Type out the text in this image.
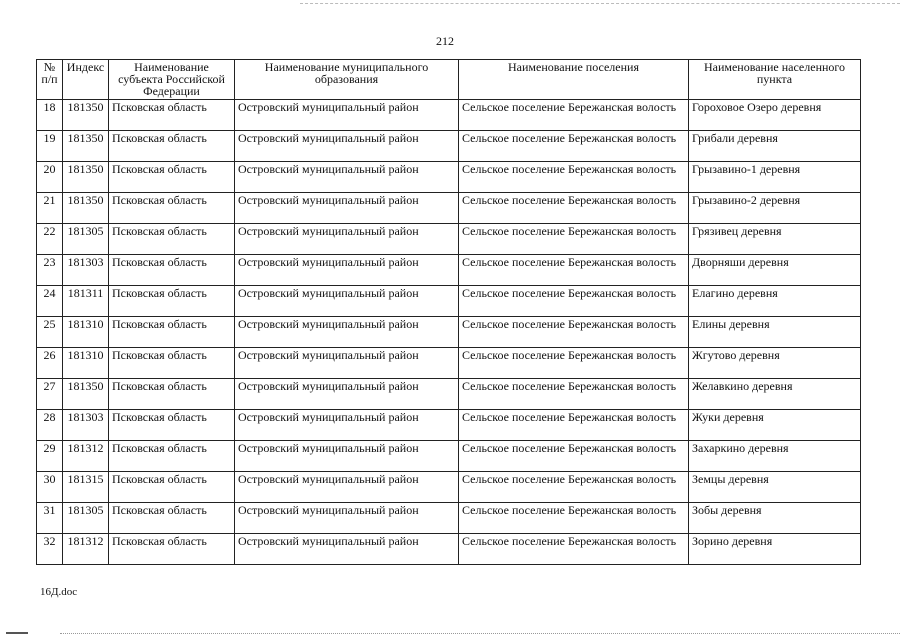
212
№ п/п	Индекс	Наименование субъекта Российской Федерации	Наименование муниципального образования	Наименование поселения	Наименование населенного пункта
18	181350	Псковская область	Островский муниципальный район	Сельское поселение Бережанская волость	Гороховое Озеро деревня
19	181350	Псковская область	Островский муниципальный район	Сельское поселение Бережанская волость	Грибали деревня
20	181350	Псковская область	Островский муниципальный район	Сельское поселение Бережанская волость	Грызавино-1 деревня
21	181350	Псковская область	Островский муниципальный район	Сельское поселение Бережанская волость	Грызавино-2 деревня
22	181305	Псковская область	Островский муниципальный район	Сельское поселение Бережанская волость	Грязивец деревня
23	181303	Псковская область	Островский муниципальный район	Сельское поселение Бережанская волость	Дворняши деревня
24	181311	Псковская область	Островский муниципальный район	Сельское поселение Бережанская волость	Елагино деревня
25	181310	Псковская область	Островский муниципальный район	Сельское поселение Бережанская волость	Елины деревня
26	181310	Псковская область	Островский муниципальный район	Сельское поселение Бережанская волость	Жгутово деревня
27	181350	Псковская область	Островский муниципальный район	Сельское поселение Бережанская волость	Желавкино деревня
28	181303	Псковская область	Островский муниципальный район	Сельское поселение Бережанская волость	Жуки деревня
29	181312	Псковская область	Островский муниципальный район	Сельское поселение Бережанская волость	Захаркино деревня
30	181315	Псковская область	Островский муниципальный район	Сельское поселение Бережанская волость	Земцы деревня
31	181305	Псковская область	Островский муниципальный район	Сельское поселение Бережанская волость	Зобы деревня
32	181312	Псковская область	Островский муниципальный район	Сельское поселение Бережанская волость	Зорино деревня
16Д.doc
